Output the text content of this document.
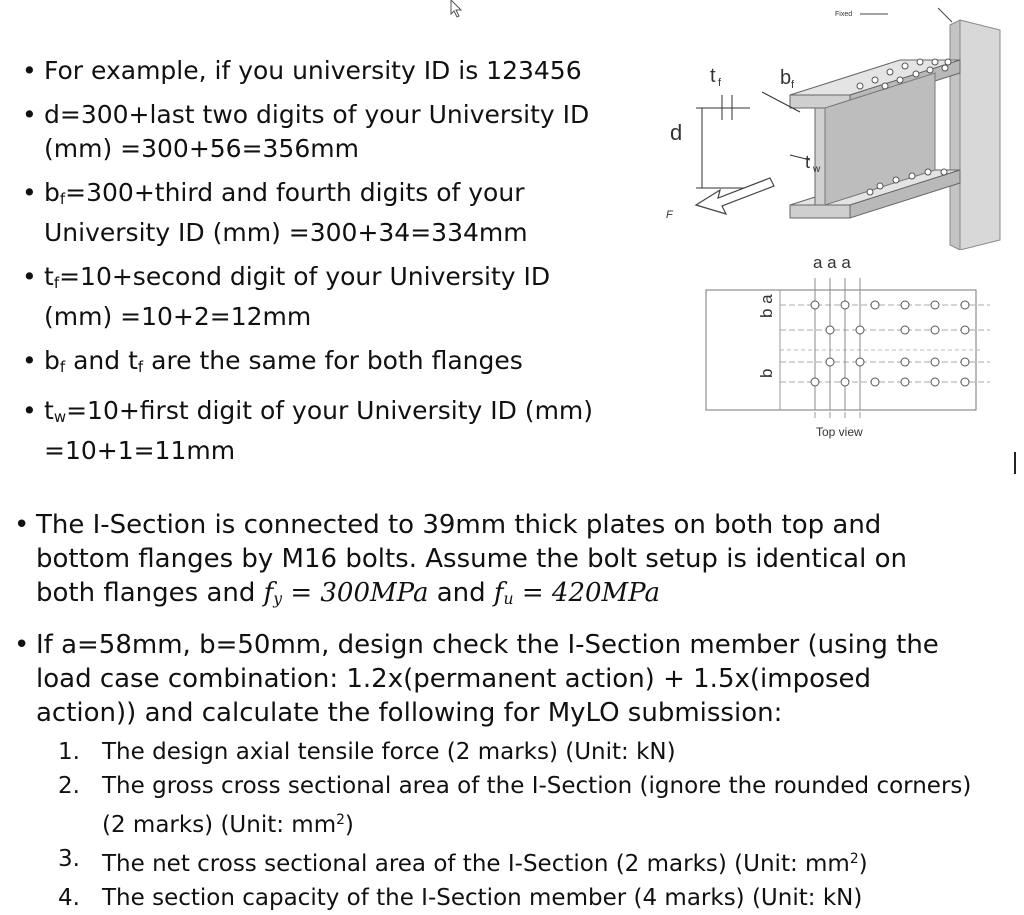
• For example, if you university ID is 123456
• d=300+last two digits of your University ID
(mm) =300+56=356mm
• $b_f=300+third$ and fourth digits of your
University ID (mm) =300+34=334mm
• $t_f=10+second$ digit of your University ID
(mm) =10+2=12mm
• $b_f$ and $t_f$ are the same for both flanges
• $t_w=10+first$ digit of your University ID (mm)
=10+1=11mm
Fixed
t f	b f
d
t w
F
a a a
b a
b
Top view
• The I-Section is connected to 39mm thick plates on both top and
bottom flanges by M16 bolts. Assume the bolt setup is identical on
both flanges and $f_y = 300MPa$ and $f_u = 420MPa$
• If a=58mm, b=50mm, design check the I-Section member (using the
load case combination: 1.2x(permanent action) + 1.5x(imposed
action)) and calculate the following for MyLO submission:
1. The design axial tensile force (2 marks) (Unit: kN)
2. The gross cross sectional area of the I-Section (ignore the rounded corners)
(2 marks) (Unit: $mm^2$)
3. The net cross sectional area of the I-Section (2 marks) (Unit: $mm^2$)
4. The section capacity of the I-Section member (4 marks) (Unit: kN)
